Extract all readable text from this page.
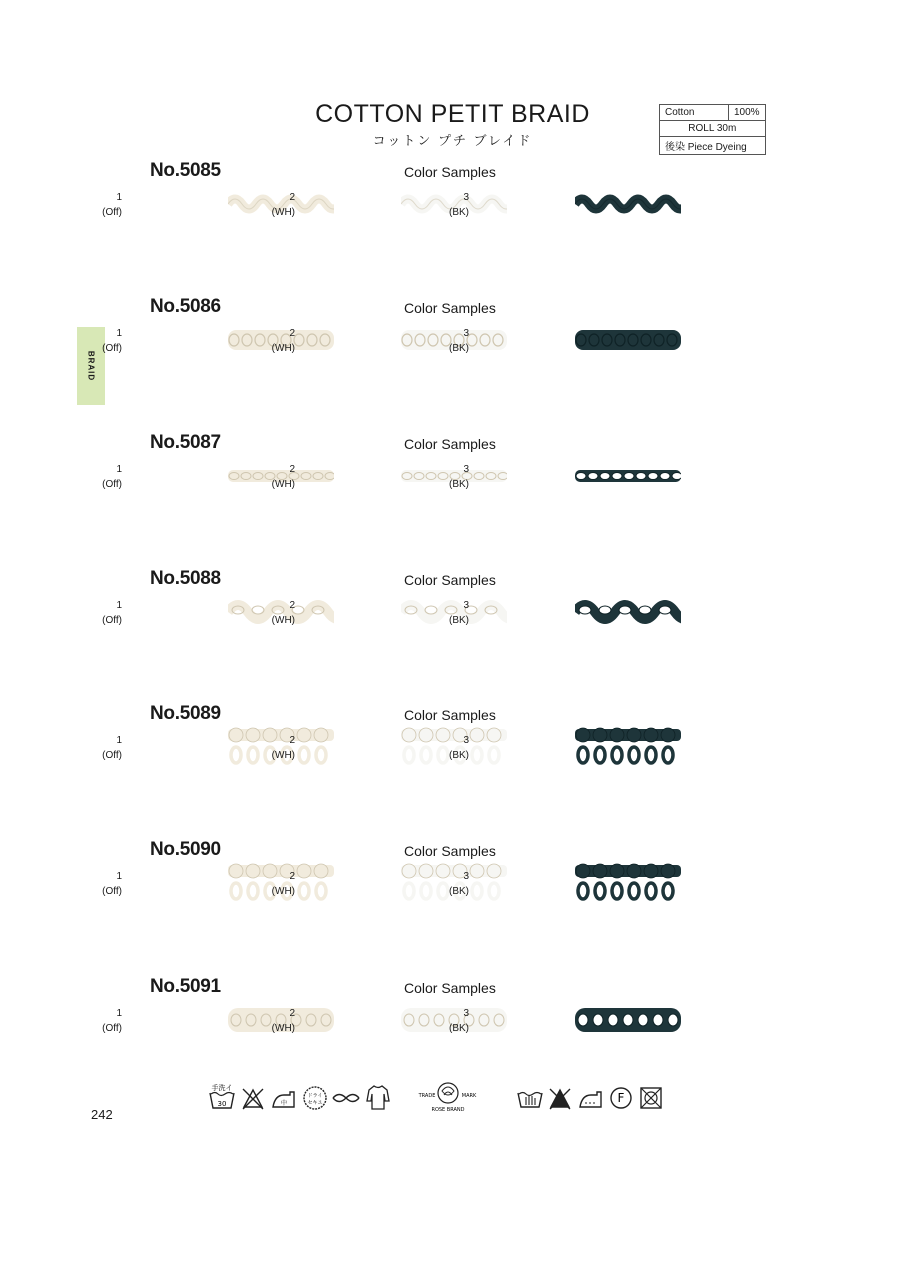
COTTON PETIT BRAID
コットン プチ ブレイド
Cotton	100%
ROLL 30m
後染 Piece Dyeing
BRAID
No.5085	Color Samples
1
(Off)
2
(WH)
3
(BK)
No.5086	Color Samples
1
(Off)
2
(WH)
3
(BK)
No.5087	Color Samples
1
(Off)
2
(WH)
3
(BK)
No.5088	Color Samples
1
(Off)
2
(WH)
3
(BK)
No.5089	Color Samples
1
(Off)
2
(WH)
3
(BK)
No.5090	Color Samples
1
(Off)
2
(WH)
3
(BK)
No.5091	Color Samples
1
(Off)
2
(WH)
3
(BK)
手洗イ
30	中
ドライ
セキユ
TRADE	MARK
ROSE BRAND
F
242
